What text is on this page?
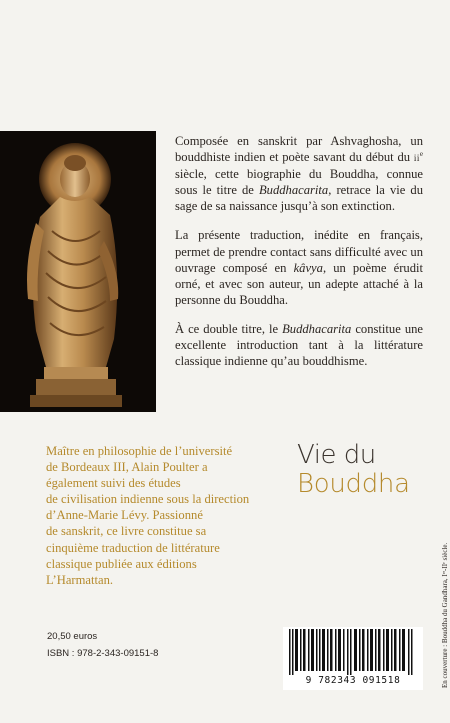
Composée en sanskrit par Ashvaghosha, un bouddhiste indien et poète savant du début du $ii^e$ siècle, cette biographie du Bouddha, connue sous le titre de Buddhacarita, retrace la vie du sage de sa naissance jusqu’à son extinction.

La présente traduction, inédite en français, permet de prendre contact sans difficulté avec un ouvrage composé en kâvya, un poème érudit orné, et avec son auteur, un adepte attaché à la personne du Bouddha.

À ce double titre, le Buddhacarita constitue une excellente introduction tant à la littérature classique indienne qu’au bouddhisme.

Maître en philosophie de l’université
de Bordeaux III, Alain Poulter a
également suivi des études
de civilisation indienne sous la direction
d’Anne-Marie Lévy. Passionné
de sanskrit, ce livre constitue sa
cinquième traduction de littérature
classique publiée aux éditions
L’Harmattan.
Vie du
Bouddha
20,50 euros
ISBN : 978-2-343-09151-8
9 782343 091518	En couverture : Bouddha du Gandhara, Iᵉʳ-IIᵉ siècle.
